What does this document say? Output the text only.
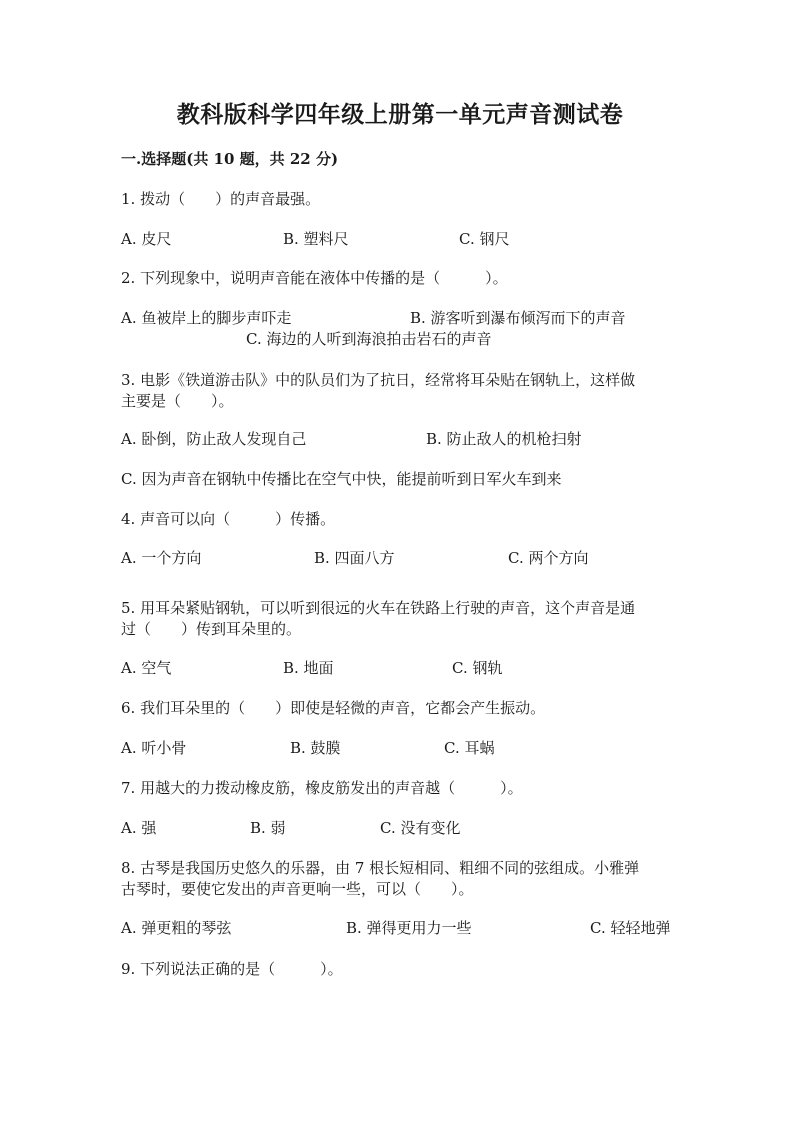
教科版科学四年级上册第一单元声音测试卷
一.选择题(共 10 题，共 22 分)
1. 拨动（　　）的声音最强。
A. 皮尺	B. 塑料尺	C. 钢尺
2. 下列现象中，说明声音能在液体中传播的是（　　　）。
A. 鱼被岸上的脚步声吓走	B. 游客听到瀑布倾泻而下的声音
C. 海边的人听到海浪拍击岩石的声音
3. 电影《铁道游击队》中的队员们为了抗日，经常将耳朵贴在钢轨上，这样做
主要是（　　）。
A. 卧倒，防止敌人发现自己	B. 防止敌人的机枪扫射
C. 因为声音在钢轨中传播比在空气中快，能提前听到日军火车到来
4. 声音可以向（　　　）传播。
A. 一个方向	B. 四面八方	C. 两个方向
5. 用耳朵紧贴钢轨，可以听到很远的火车在铁路上行驶的声音，这个声音是通
过（　　）传到耳朵里的。
A. 空气	B. 地面	C. 钢轨
6. 我们耳朵里的（　　）即使是轻微的声音，它都会产生振动。
A. 听小骨	B. 鼓膜	C. 耳蜗
7. 用越大的力拨动橡皮筋，橡皮筋发出的声音越（　　　）。
A. 强	B. 弱	C. 没有变化
8. 古琴是我国历史悠久的乐器，由 7 根长短相同、粗细不同的弦组成。小雅弹
古琴时，要使它发出的声音更响一些，可以（　　）。
A. 弹更粗的琴弦	B. 弹得更用力一些	C. 轻轻地弹
9. 下列说法正确的是（　　　）。
